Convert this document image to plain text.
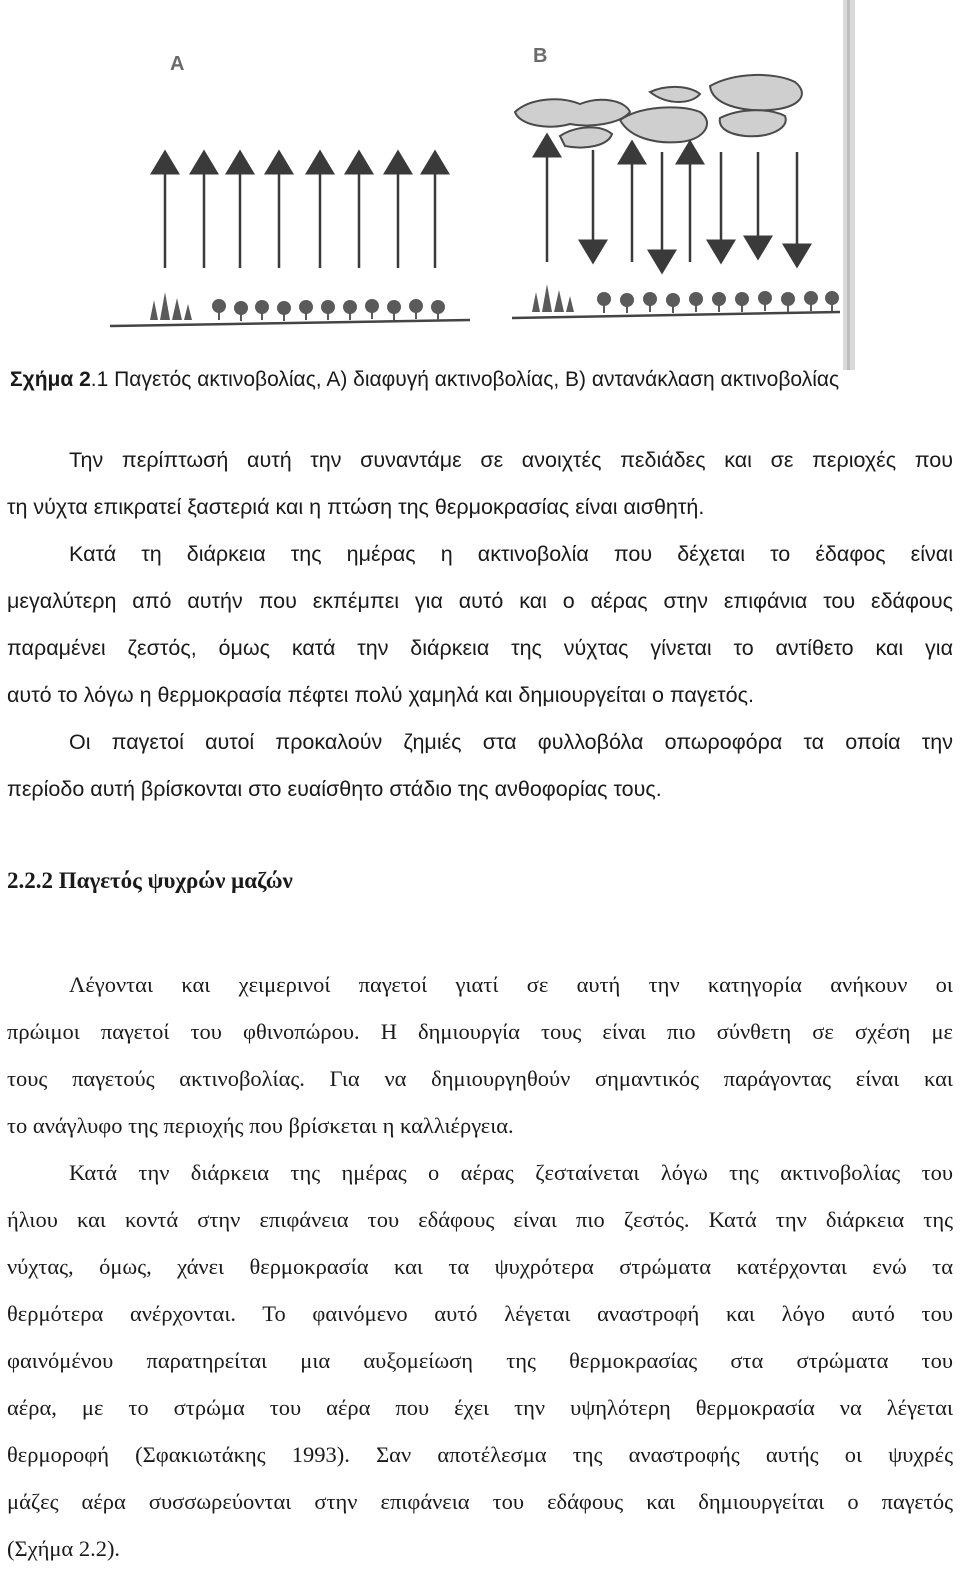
A	B
Σχήμα 2.1 Παγετός ακτινοβολίας, Α) διαφυγή ακτινοβολίας, Β) αντανάκλαση ακτινοβολίας
Την περίπτωσή αυτή την συναντάμε σε ανοιχτές πεδιάδες και σε περιοχές που
τη νύχτα επικρατεί ξαστεριά και η πτώση της θερμοκρασίας είναι αισθητή.
Κατά τη διάρκεια της ημέρας η ακτινοβολία που δέχεται το έδαφος είναι
μεγαλύτερη από αυτήν που εκπέμπει για αυτό και ο αέρας στην επιφάνια του εδάφους
παραμένει ζεστός, όμως κατά την διάρκεια της νύχτας γίνεται το αντίθετο και για
αυτό το λόγω η θερμοκρασία πέφτει πολύ χαμηλά και δημιουργείται ο παγετός.
Οι παγετοί αυτοί προκαλούν ζημιές στα φυλλοβόλα οπωροφόρα τα οποία την
περίοδο αυτή βρίσκονται στο ευαίσθητο στάδιο της ανθοφορίας τους.
2.2.2 Παγετός ψυχρών μαζών
Λέγονται και χειμερινοί παγετοί γιατί σε αυτή την κατηγορία ανήκουν οι
πρώιμοι παγετοί του φθινοπώρου. Η δημιουργία τους είναι πιο σύνθετη σε σχέση με
τους παγετούς ακτινοβολίας. Για να δημιουργηθούν σημαντικός παράγοντας είναι και
το ανάγλυφο της περιοχής που βρίσκεται η καλλιέργεια.
Κατά την διάρκεια της ημέρας ο αέρας ζεσταίνεται λόγω της ακτινοβολίας του
ήλιου και κοντά στην επιφάνεια του εδάφους είναι πιο ζεστός. Κατά την διάρκεια της
νύχτας, όμως, χάνει θερμοκρασία και τα ψυχρότερα στρώματα κατέρχονται ενώ τα
θερμότερα ανέρχονται. Το φαινόμενο αυτό λέγεται αναστροφή και λόγο αυτό του
φαινόμένου παρατηρείται μια αυξομείωση της θερμοκρασίας στα στρώματα του
αέρα, με το στρώμα του αέρα που έχει την υψηλότερη θερμοκρασία να λέγεται
θερμοροφή (Σφακιωτάκης 1993). Σαν αποτέλεσμα της αναστροφής αυτής οι ψυχρές
μάζες αέρα συσσωρεύονται στην επιφάνεια του εδάφους και δημιουργείται ο παγετός
(Σχήμα 2.2).
